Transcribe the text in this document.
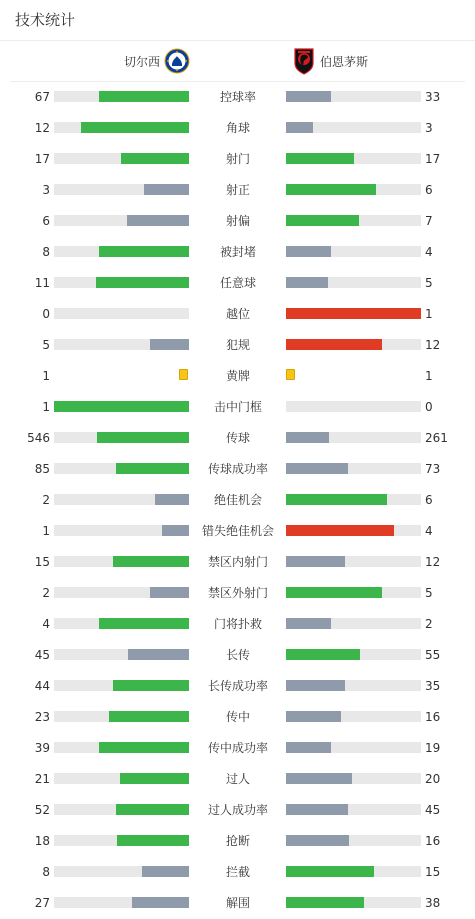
技术统计
切尔西	伯恩茅斯
67	控球率	33
12	角球	3
17	射门	17
3	射正	6
6	射偏	7
8	被封堵	4
11	任意球	5
0	越位	1
5	犯规	12
1	黄牌	1
1	击中门框	0
546	传球	261
85	传球成功率	73
2	绝佳机会	6
1	错失绝佳机会	4
15	禁区内射门	12
2	禁区外射门	5
4	门将扑救	2
45	长传	55
44	长传成功率	35
23	传中	16
39	传中成功率	19
21	过人	20
52	过人成功率	45
18	抢断	16
8	拦截	15
27	解围	38
